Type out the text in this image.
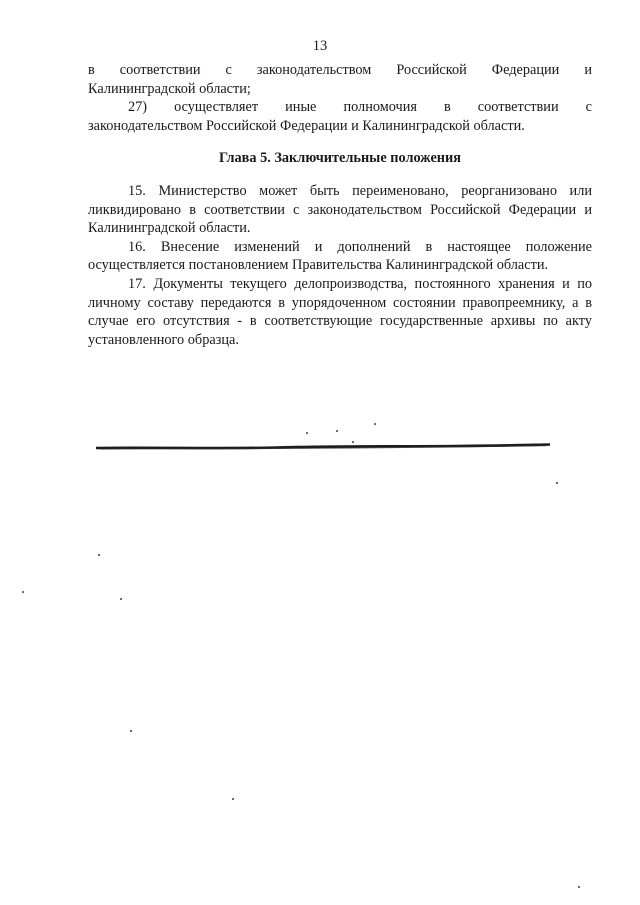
13

в соответствии с законодательством Российской Федерации и

Калининградской области;

27) осуществляет иные полномочия в соответствии с

законодательством Российской Федерации и Калининградской области.

Глава 5. Заключительные положения

15. Министерство может быть переименовано, реорганизовано или ликвидировано в соответствии с законодательством Российской Федерации и Калининградской области.

16. Внесение изменений и дополнений в настоящее положение осуществляется постановлением Правительства Калининградской области.

17. Документы текущего делопроизводства, постоянного хранения и по личному составу передаются в упорядоченном состоянии правопреемнику, а в случае его отсутствия - в соответствующие государственные архивы по акту установленного образца.
